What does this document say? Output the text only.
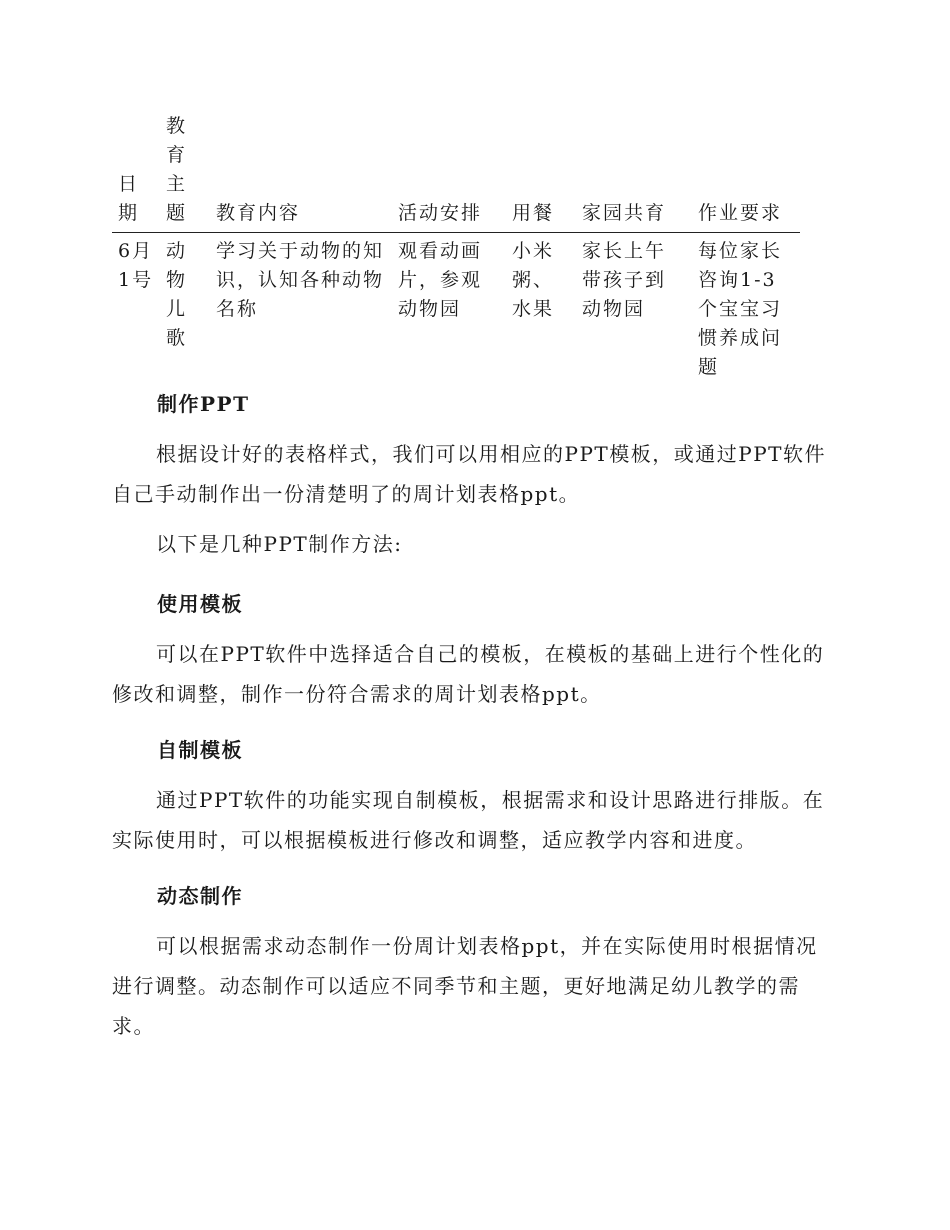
日期	教育主题	教育内容	活动安排	用餐	家园共育	作业要求
6月1号	动物儿歌	学习关于动物的知识，认知各种动物名称	观看动画片，参观动物园	小米粥、水果	家长上午带孩子到动物园	每位家长咨询1-3个宝宝习惯养成问题
制作PPT
根据设计好的表格样式，我们可以用相应的PPT模板，或通过PPT软件自己手动制作出一份清楚明了的周计划表格ppt。
以下是几种PPT制作方法:
使用模板
可以在PPT软件中选择适合自己的模板，在模板的基础上进行个性化的修改和调整，制作一份符合需求的周计划表格ppt。
自制模板
通过PPT软件的功能实现自制模板，根据需求和设计思路进行排版。在实际使用时，可以根据模板进行修改和调整，适应教学内容和进度。
动态制作
可以根据需求动态制作一份周计划表格ppt，并在实际使用时根据情况进行调整。动态制作可以适应不同季节和主题，更好地满足幼儿教学的需求。
